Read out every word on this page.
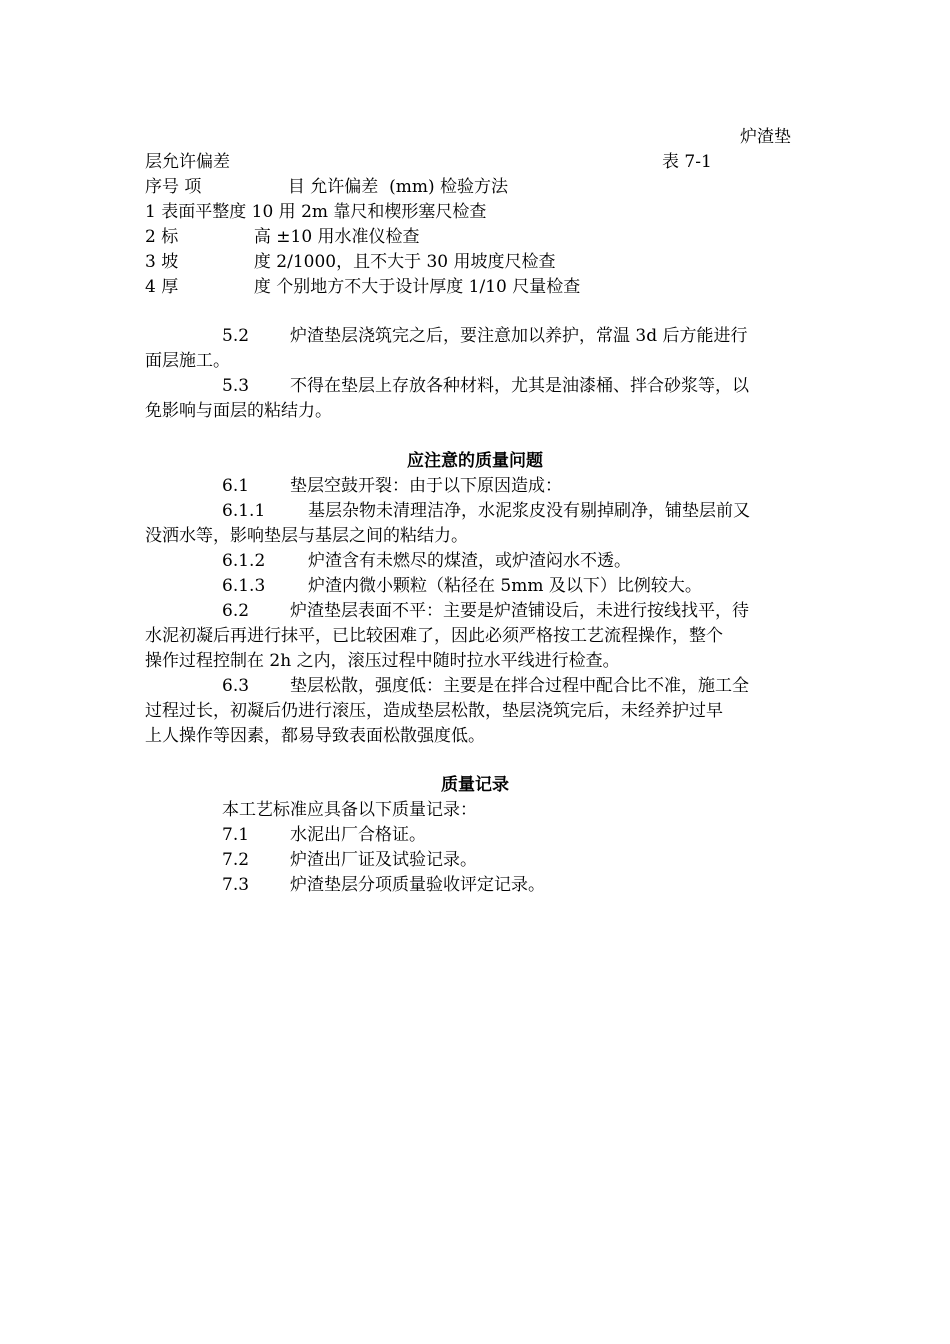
炉渣垫
层允许偏差	表 7-1
序号 项                目 允许偏差  (mm) 检验方法
1 表面平整度 10 用 2m 靠尺和楔形塞尺检查
2 标              高 ±10 用水准仪检查
3 坡              度 2/1000，且不大于 30 用坡度尺检查
4 厚              度 个别地方不大于设计厚度 1/10 尺量检查
5.2 炉渣垫层浇筑完之后，要注意加以养护，常温 3d 后方能进行
面层施工。
5.3 不得在垫层上存放各种材料，尤其是油漆桶、拌合砂浆等，以
免影响与面层的粘结力。
应注意的质量问题
6.1 垫层空鼓开裂：由于以下原因造成：
6.1.1	基层杂物未清理洁净，水泥浆皮没有剔掉刷净，铺垫层前又
没洒水等，影响垫层与基层之间的粘结力。
6.1.2	炉渣含有未燃尽的煤渣，或炉渣闷水不透。
6.1.3	炉渣内微小颗粒（粘径在 5mm 及以下）比例较大。
6.2 炉渣垫层表面不平：主要是炉渣铺设后，未进行按线找平，待
水泥初凝后再进行抹平，已比较困难了，因此必须严格按工艺流程操作，整个
操作过程控制在 2h 之内，滚压过程中随时拉水平线进行检查。
6.3 垫层松散，强度低：主要是在拌合过程中配合比不准，施工全
过程过长，初凝后仍进行滚压，造成垫层松散，垫层浇筑完后，未经养护过早
上人操作等因素，都易导致表面松散强度低。
质量记录
本工艺标准应具备以下质量记录：
7.1 水泥出厂合格证。
7.2 炉渣出厂证及试验记录。
7.3 炉渣垫层分项质量验收评定记录。
